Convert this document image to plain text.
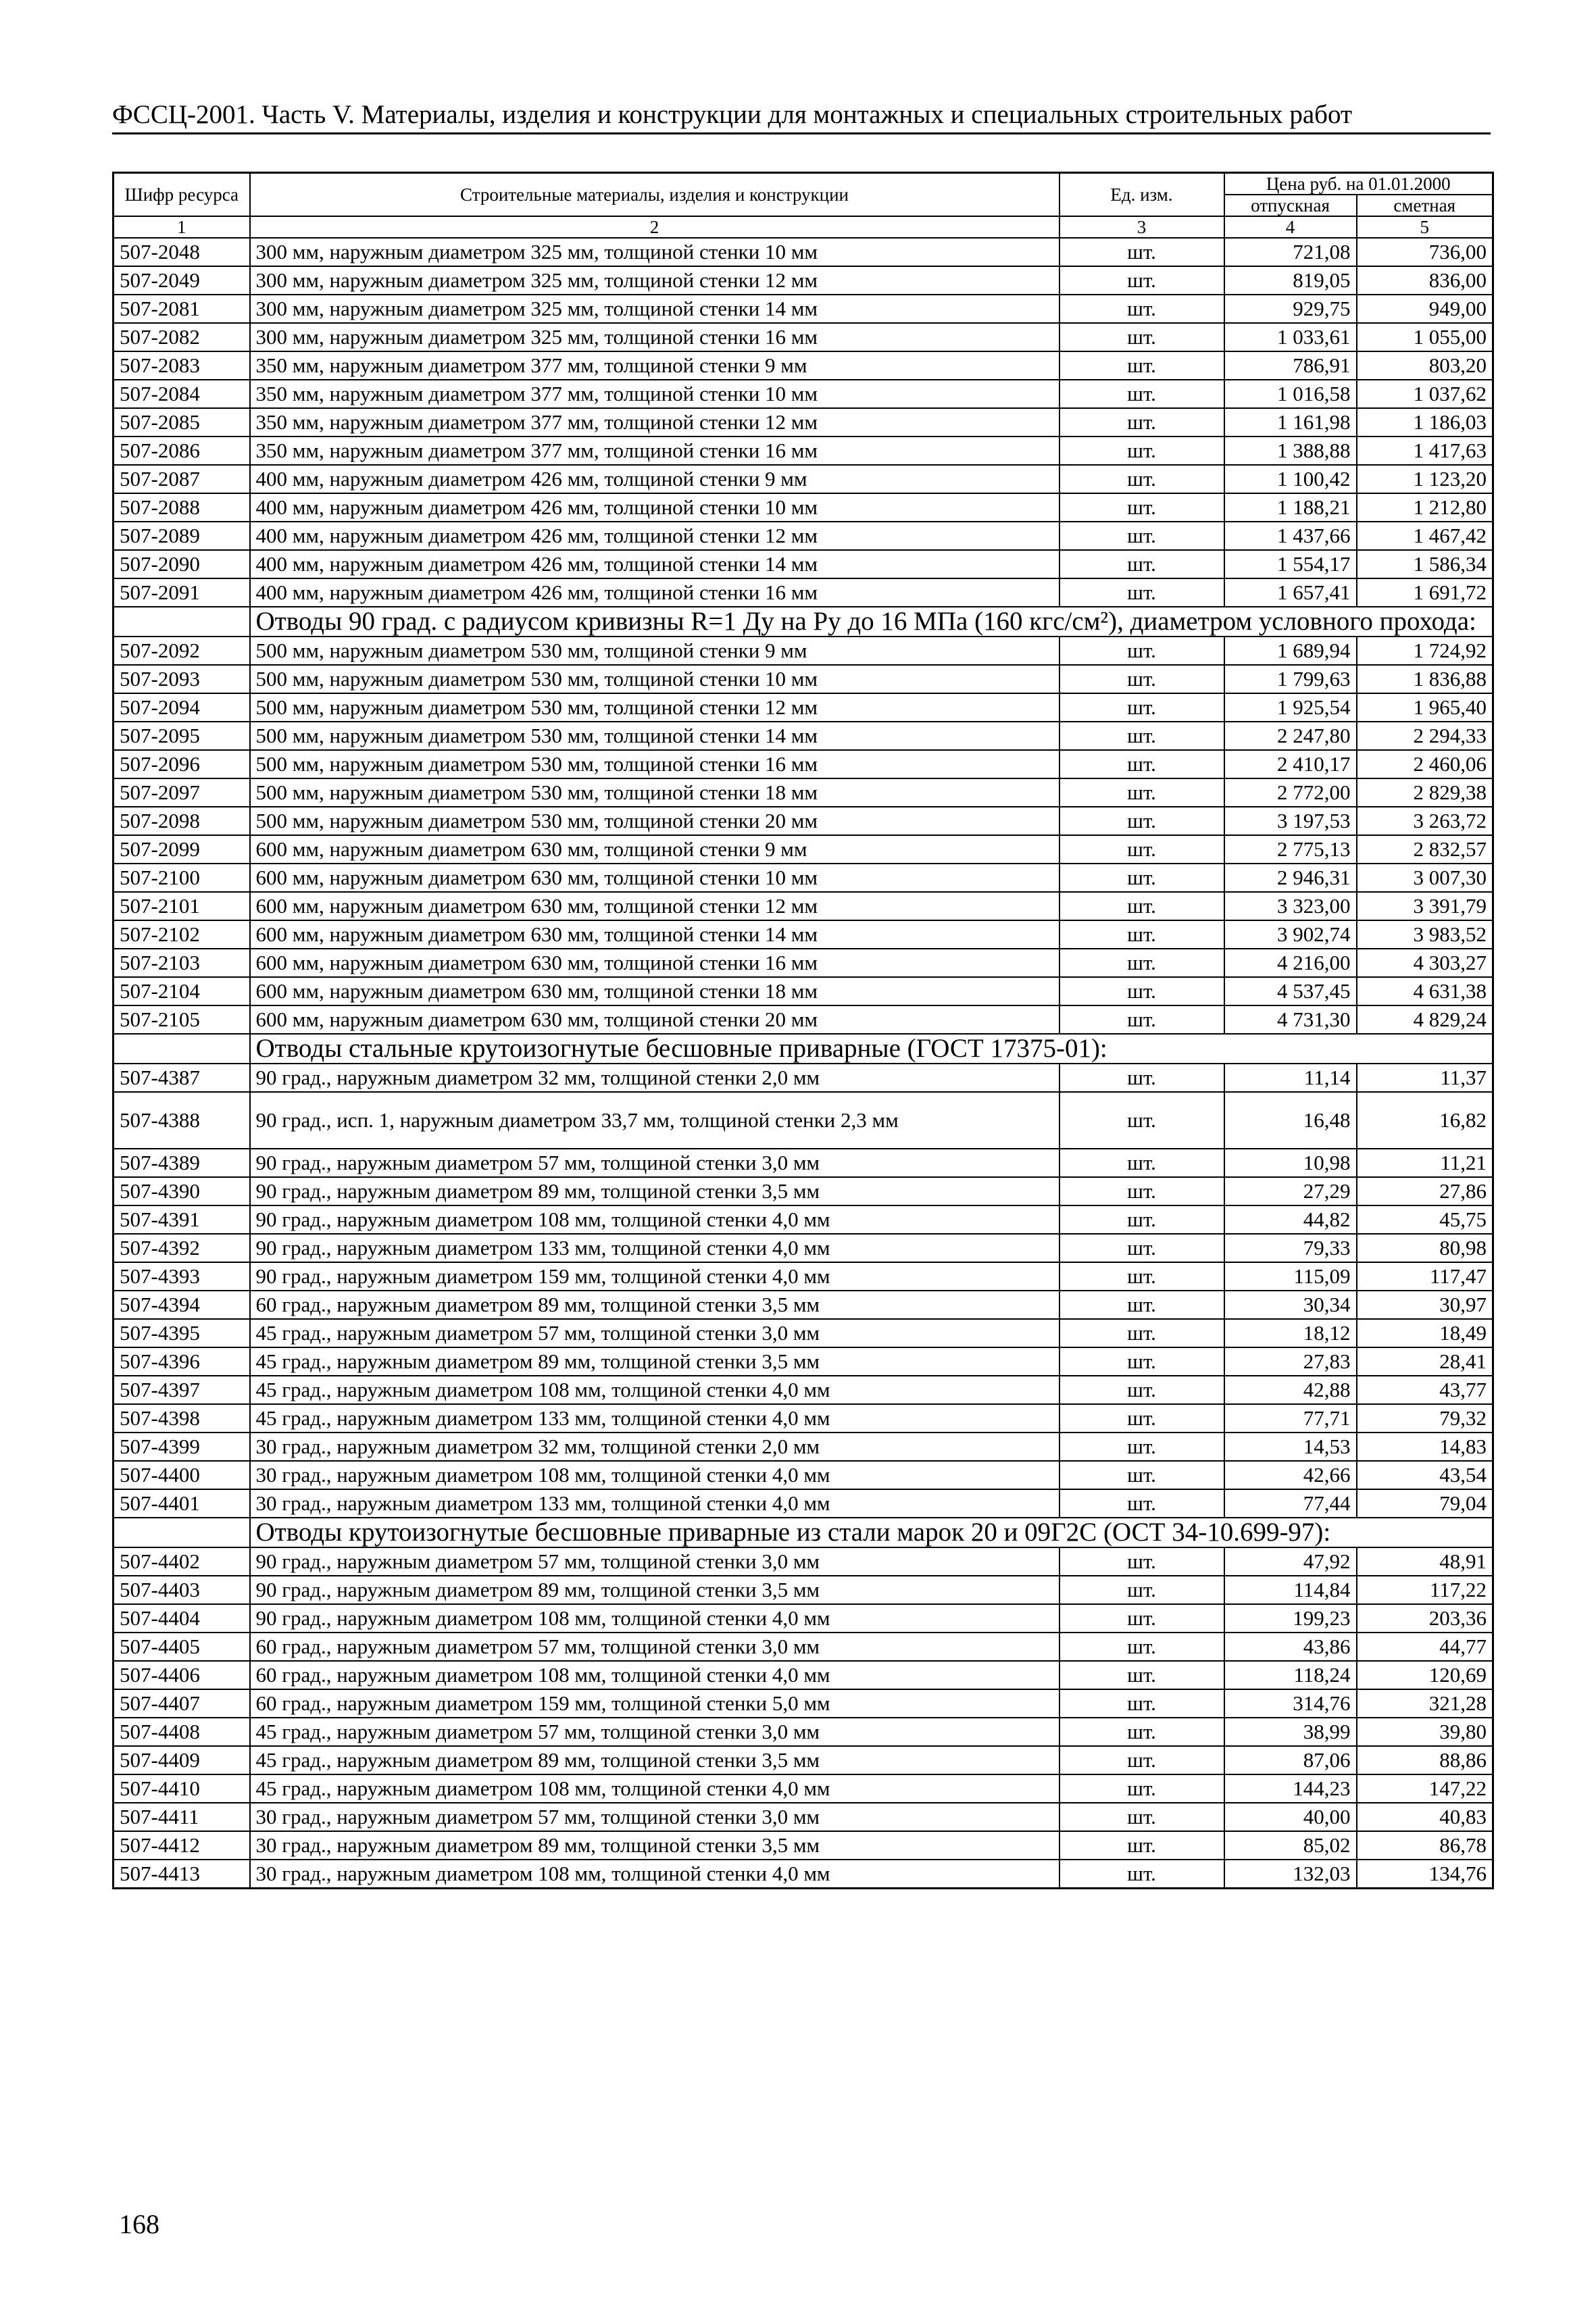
ФССЦ-2001. Часть V. Материалы, изделия и конструкции для монтажных и специальных строительных работ
Шифр ресурса	Строительные материалы, изделия и конструкции	Ед. изм.	Цена руб. на 01.01.2000	
			отпускная	сметная
1	2	3	4	5
507-2048	300 мм, наружным диаметром 325 мм, толщиной стенки 10 мм	шт.	721,08	736,00
507-2049	300 мм, наружным диаметром 325 мм, толщиной стенки 12 мм	шт.	819,05	836,00
507-2081	300 мм, наружным диаметром 325 мм, толщиной стенки 14 мм	шт.	929,75	949,00
507-2082	300 мм, наружным диаметром 325 мм, толщиной стенки 16 мм	шт.	1 033,61	1 055,00
507-2083	350 мм, наружным диаметром 377 мм, толщиной стенки 9 мм	шт.	786,91	803,20
507-2084	350 мм, наружным диаметром 377 мм, толщиной стенки 10 мм	шт.	1 016,58	1 037,62
507-2085	350 мм, наружным диаметром 377 мм, толщиной стенки 12 мм	шт.	1 161,98	1 186,03
507-2086	350 мм, наружным диаметром 377 мм, толщиной стенки 16 мм	шт.	1 388,88	1 417,63
507-2087	400 мм, наружным диаметром 426 мм, толщиной стенки 9 мм	шт.	1 100,42	1 123,20
507-2088	400 мм, наружным диаметром 426 мм, толщиной стенки 10 мм	шт.	1 188,21	1 212,80
507-2089	400 мм, наружным диаметром 426 мм, толщиной стенки 12 мм	шт.	1 437,66	1 467,42
507-2090	400 мм, наружным диаметром 426 мм, толщиной стенки 14 мм	шт.	1 554,17	1 586,34
507-2091	400 мм, наружным диаметром 426 мм, толщиной стенки 16 мм	шт.	1 657,41	1 691,72
	Отводы 90 град. с радиусом кривизны R=1 Ду на Ру до 16 МПа (160 кгс/см²), диаметром условного прохода:			
507-2092	500 мм, наружным диаметром 530 мм, толщиной стенки 9 мм	шт.	1 689,94	1 724,92
507-2093	500 мм, наружным диаметром 530 мм, толщиной стенки 10 мм	шт.	1 799,63	1 836,88
507-2094	500 мм, наружным диаметром 530 мм, толщиной стенки 12 мм	шт.	1 925,54	1 965,40
507-2095	500 мм, наружным диаметром 530 мм, толщиной стенки 14 мм	шт.	2 247,80	2 294,33
507-2096	500 мм, наружным диаметром 530 мм, толщиной стенки 16 мм	шт.	2 410,17	2 460,06
507-2097	500 мм, наружным диаметром 530 мм, толщиной стенки 18 мм	шт.	2 772,00	2 829,38
507-2098	500 мм, наружным диаметром 530 мм, толщиной стенки 20 мм	шт.	3 197,53	3 263,72
507-2099	600 мм, наружным диаметром 630 мм, толщиной стенки 9 мм	шт.	2 775,13	2 832,57
507-2100	600 мм, наружным диаметром 630 мм, толщиной стенки 10 мм	шт.	2 946,31	3 007,30
507-2101	600 мм, наружным диаметром 630 мм, толщиной стенки 12 мм	шт.	3 323,00	3 391,79
507-2102	600 мм, наружным диаметром 630 мм, толщиной стенки 14 мм	шт.	3 902,74	3 983,52
507-2103	600 мм, наружным диаметром 630 мм, толщиной стенки 16 мм	шт.	4 216,00	4 303,27
507-2104	600 мм, наружным диаметром 630 мм, толщиной стенки 18 мм	шт.	4 537,45	4 631,38
507-2105	600 мм, наружным диаметром 630 мм, толщиной стенки 20 мм	шт.	4 731,30	4 829,24
	Отводы стальные крутоизогнутые бесшовные приварные (ГОСТ 17375-01):			
507-4387	90 град., наружным диаметром 32 мм, толщиной стенки 2,0 мм	шт.	11,14	11,37
507-4388	90 град., исп. 1, наружным диаметром 33,7 мм, толщиной стенки 2,3 мм	шт.	16,48	16,82
507-4389	90 град., наружным диаметром 57 мм, толщиной стенки 3,0 мм	шт.	10,98	11,21
507-4390	90 град., наружным диаметром 89 мм, толщиной стенки 3,5 мм	шт.	27,29	27,86
507-4391	90 град., наружным диаметром 108 мм, толщиной стенки 4,0 мм	шт.	44,82	45,75
507-4392	90 град., наружным диаметром 133 мм, толщиной стенки 4,0 мм	шт.	79,33	80,98
507-4393	90 град., наружным диаметром 159 мм, толщиной стенки 4,0 мм	шт.	115,09	117,47
507-4394	60 град., наружным диаметром 89 мм, толщиной стенки 3,5 мм	шт.	30,34	30,97
507-4395	45 град., наружным диаметром 57 мм, толщиной стенки 3,0 мм	шт.	18,12	18,49
507-4396	45 град., наружным диаметром 89 мм, толщиной стенки 3,5 мм	шт.	27,83	28,41
507-4397	45 град., наружным диаметром 108 мм, толщиной стенки 4,0 мм	шт.	42,88	43,77
507-4398	45 град., наружным диаметром 133 мм, толщиной стенки 4,0 мм	шт.	77,71	79,32
507-4399	30 град., наружным диаметром 32 мм, толщиной стенки 2,0 мм	шт.	14,53	14,83
507-4400	30 град., наружным диаметром 108 мм, толщиной стенки 4,0 мм	шт.	42,66	43,54
507-4401	30 град., наружным диаметром 133 мм, толщиной стенки 4,0 мм	шт.	77,44	79,04
	Отводы крутоизогнутые бесшовные приварные из стали марок 20 и 09Г2С (ОСТ 34-10.699-97):			
507-4402	90 град., наружным диаметром 57 мм, толщиной стенки 3,0 мм	шт.	47,92	48,91
507-4403	90 град., наружным диаметром 89 мм, толщиной стенки 3,5 мм	шт.	114,84	117,22
507-4404	90 град., наружным диаметром 108 мм, толщиной стенки 4,0 мм	шт.	199,23	203,36
507-4405	60 град., наружным диаметром 57 мм, толщиной стенки 3,0 мм	шт.	43,86	44,77
507-4406	60 град., наружным диаметром 108 мм, толщиной стенки 4,0 мм	шт.	118,24	120,69
507-4407	60 град., наружным диаметром 159 мм, толщиной стенки 5,0 мм	шт.	314,76	321,28
507-4408	45 град., наружным диаметром 57 мм, толщиной стенки 3,0 мм	шт.	38,99	39,80
507-4409	45 град., наружным диаметром 89 мм, толщиной стенки 3,5 мм	шт.	87,06	88,86
507-4410	45 град., наружным диаметром 108 мм, толщиной стенки 4,0 мм	шт.	144,23	147,22
507-4411	30 град., наружным диаметром 57 мм, толщиной стенки 3,0 мм	шт.	40,00	40,83
507-4412	30 град., наружным диаметром 89 мм, толщиной стенки 3,5 мм	шт.	85,02	86,78
507-4413	30 град., наружным диаметром 108 мм, толщиной стенки 4,0 мм	шт.	132,03	134,76
168
